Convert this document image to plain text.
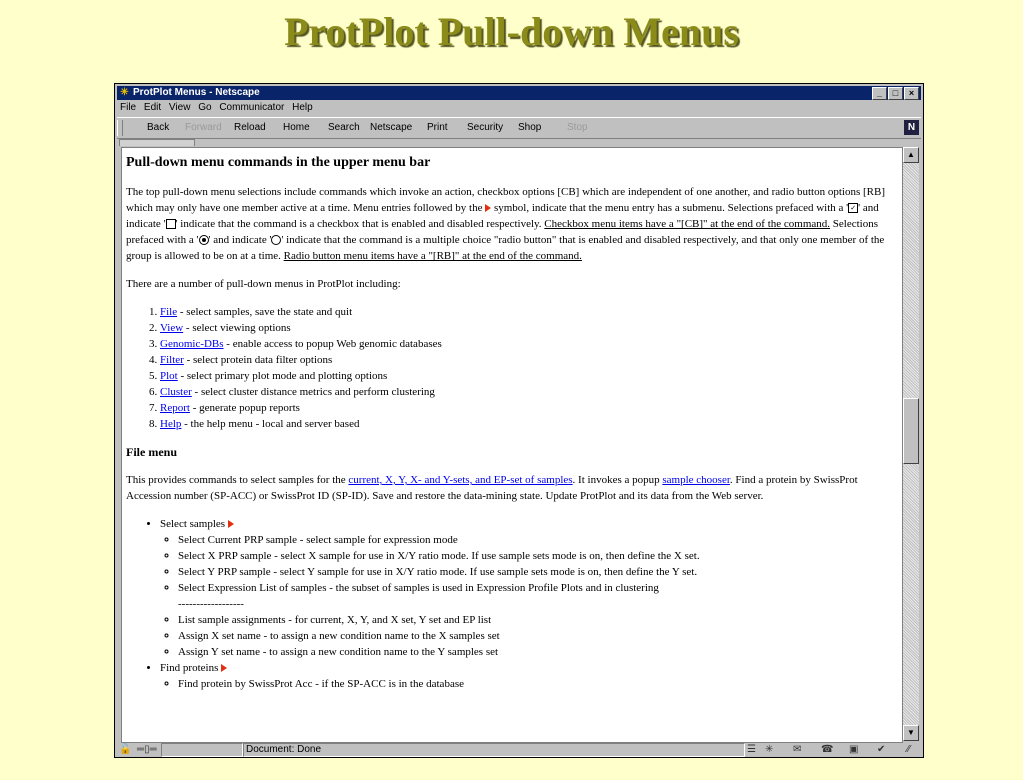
ProtPlot Pull-down Menus
✳ ProtPlot Menus - Netscape	_ □ ×
File Edit View Go Communicator Help
Back Forward Reload Home Search Netscape Print Security Shop	Stop	N
Pull-down menu commands in the upper menu bar

The top pull-down menu selections include commands which invoke an action, checkbox options [CB] which are independent of one another, and radio button options [RB] which may only have one member active at a time. Menu entries followed by the  symbol, indicate that the menu entry has a submenu. Selections prefaced with a ' ✓ ' and indicate ' ' indicate that the command is a checkbox that is enabled and disabled respectively. Checkbox menu items have a "[CB]" at the end of the command. Selections prefaced with a ' ' and indicate ' ' indicate that the command is a multiple choice "radio button" that is enabled and disabled respectively, and that only one member of the group is allowed to be on at a time. Radio button menu items have a "[RB]" at the end of the command.

There are a number of pull-down menus in ProtPlot including:

1. File - select samples, save the state and quit
2. View - select viewing options
3. Genomic-DBs - enable access to popup Web genomic databases
4. Filter - select protein data filter options
5. Plot - select primary plot mode and plotting options
6. Cluster - select cluster distance metrics and perform clustering
7. Report - generate popup reports
8. Help - the help menu - local and server based
File menu

This provides commands to select samples for the current, X, Y, X- and Y-sets, and EP-set of samples. It invokes a popup sample chooser. Find a protein by SwissProt Accession number (SP-ACC) or SwissProt ID (SP-ID). Save and restore the data-mining state. Update ProtPlot and its data from the Web server.

• Select samples
◦ Select Current PRP sample - select sample for expression mode
◦ Select X PRP sample - select X sample for use in X/Y ratio mode. If use sample sets mode is on, then define the X set.
◦ Select Y PRP sample - select Y sample for use in X/Y ratio mode. If use sample sets mode is on, then define the Y set.
◦ Select Expression List of samples - the subset of samples is used in Expression Profile Plots and in clustering
------------------
◦ List sample assignments - for current, X, Y, and X set, Y set and EP list
◦ Assign X set name - to assign a new condition name to the X samples set
◦ Assign Y set name - to assign a new condition name to the Y samples set
• Find proteins
◦ Find protein by SwissProt Acc - if the SP-ACC is in the database
▲
▼
🔓 ═▯═	Document: Done	☰ ✳ ✉ ☎ ▣ ✔ ⁄⁄
